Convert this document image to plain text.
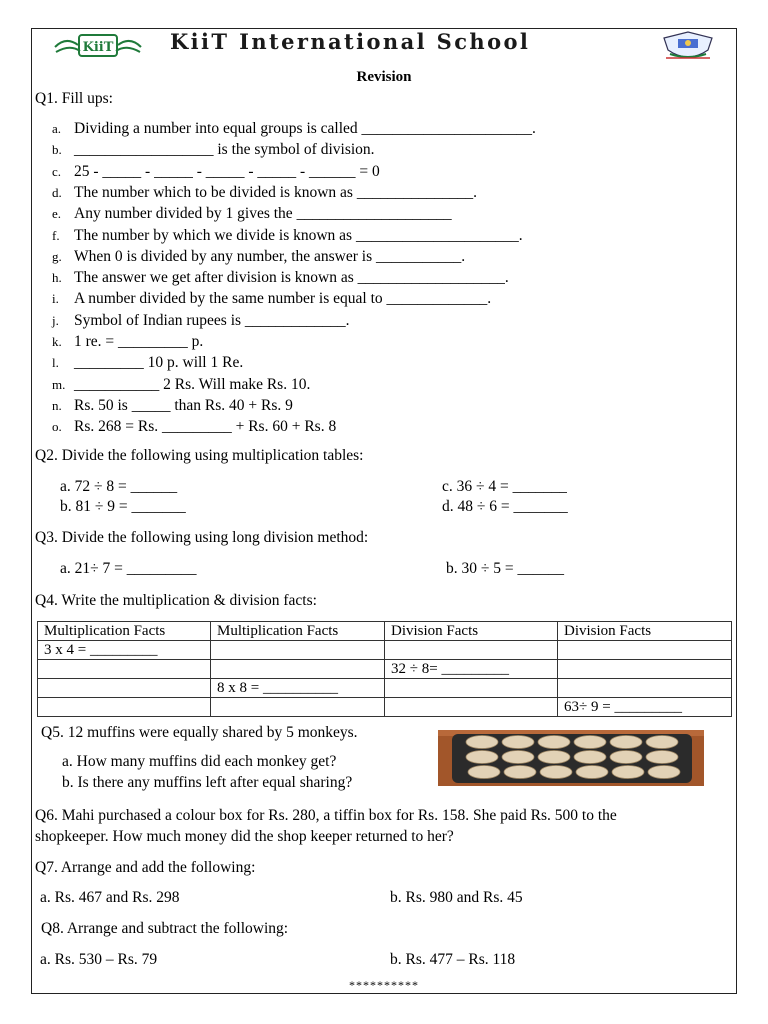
KiiT	KiiT International School
Revision
Q1. Fill ups:
a. Dividing a number into equal groups is called ______________________.
b. __________________ is the symbol of division.
c. 25 - _____ - _____ - _____ - _____ - ______ = 0
d. The number which to be divided is known as _______________.
e. Any number divided by 1 gives the ____________________
f. The number by which we divide is known as _____________________.
g. When 0 is divided by any number, the answer is ___________.
h. The answer we get after division is known as ___________________.
i. A number divided by the same number is equal to _____________.
j. Symbol of Indian rupees is _____________.
k. 1 re. = _________ p.
l. _________ 10 p. will 1 Re.
m. ___________ 2 Rs. Will make Rs. 10.
n. Rs. 50 is _____ than Rs. 40 + Rs. 9
o. Rs. 268 = Rs. _________ + Rs. 60 + Rs. 8
Q2. Divide the following using multiplication tables:
a. 72 ÷ 8 = ______
b. 81 ÷ 9 = _______
c. 36 ÷ 4 = _______
d. 48 ÷ 6 = _______
Q3. Divide the following using long division method:
a. 21÷ 7 = _________	b. 30 ÷ 5 = ______
Q4. Write the multiplication & division facts:
Multiplication Facts	Multiplication Facts	Division Facts	Division Facts
3 x 4 = _________			
		32 ÷ 8= _________	
	8 x 8 = __________		
			63÷ 9 = _________
Q5. 12 muffins were equally shared by 5 monkeys.
a. How many muffins did each monkey get?
b. Is there any muffins left after equal sharing?
Q6. Mahi purchased a colour box for Rs. 280, a tiffin box for Rs. 158. She paid Rs. 500 to the
shopkeeper. How much money did the shop keeper returned to her?
Q7. Arrange and add the following:
a. Rs. 467 and Rs. 298	b. Rs. 980 and Rs. 45
Q8. Arrange and subtract the following:
a. Rs. 530 – Rs. 79	b. Rs. 477 – Rs. 118
**********
